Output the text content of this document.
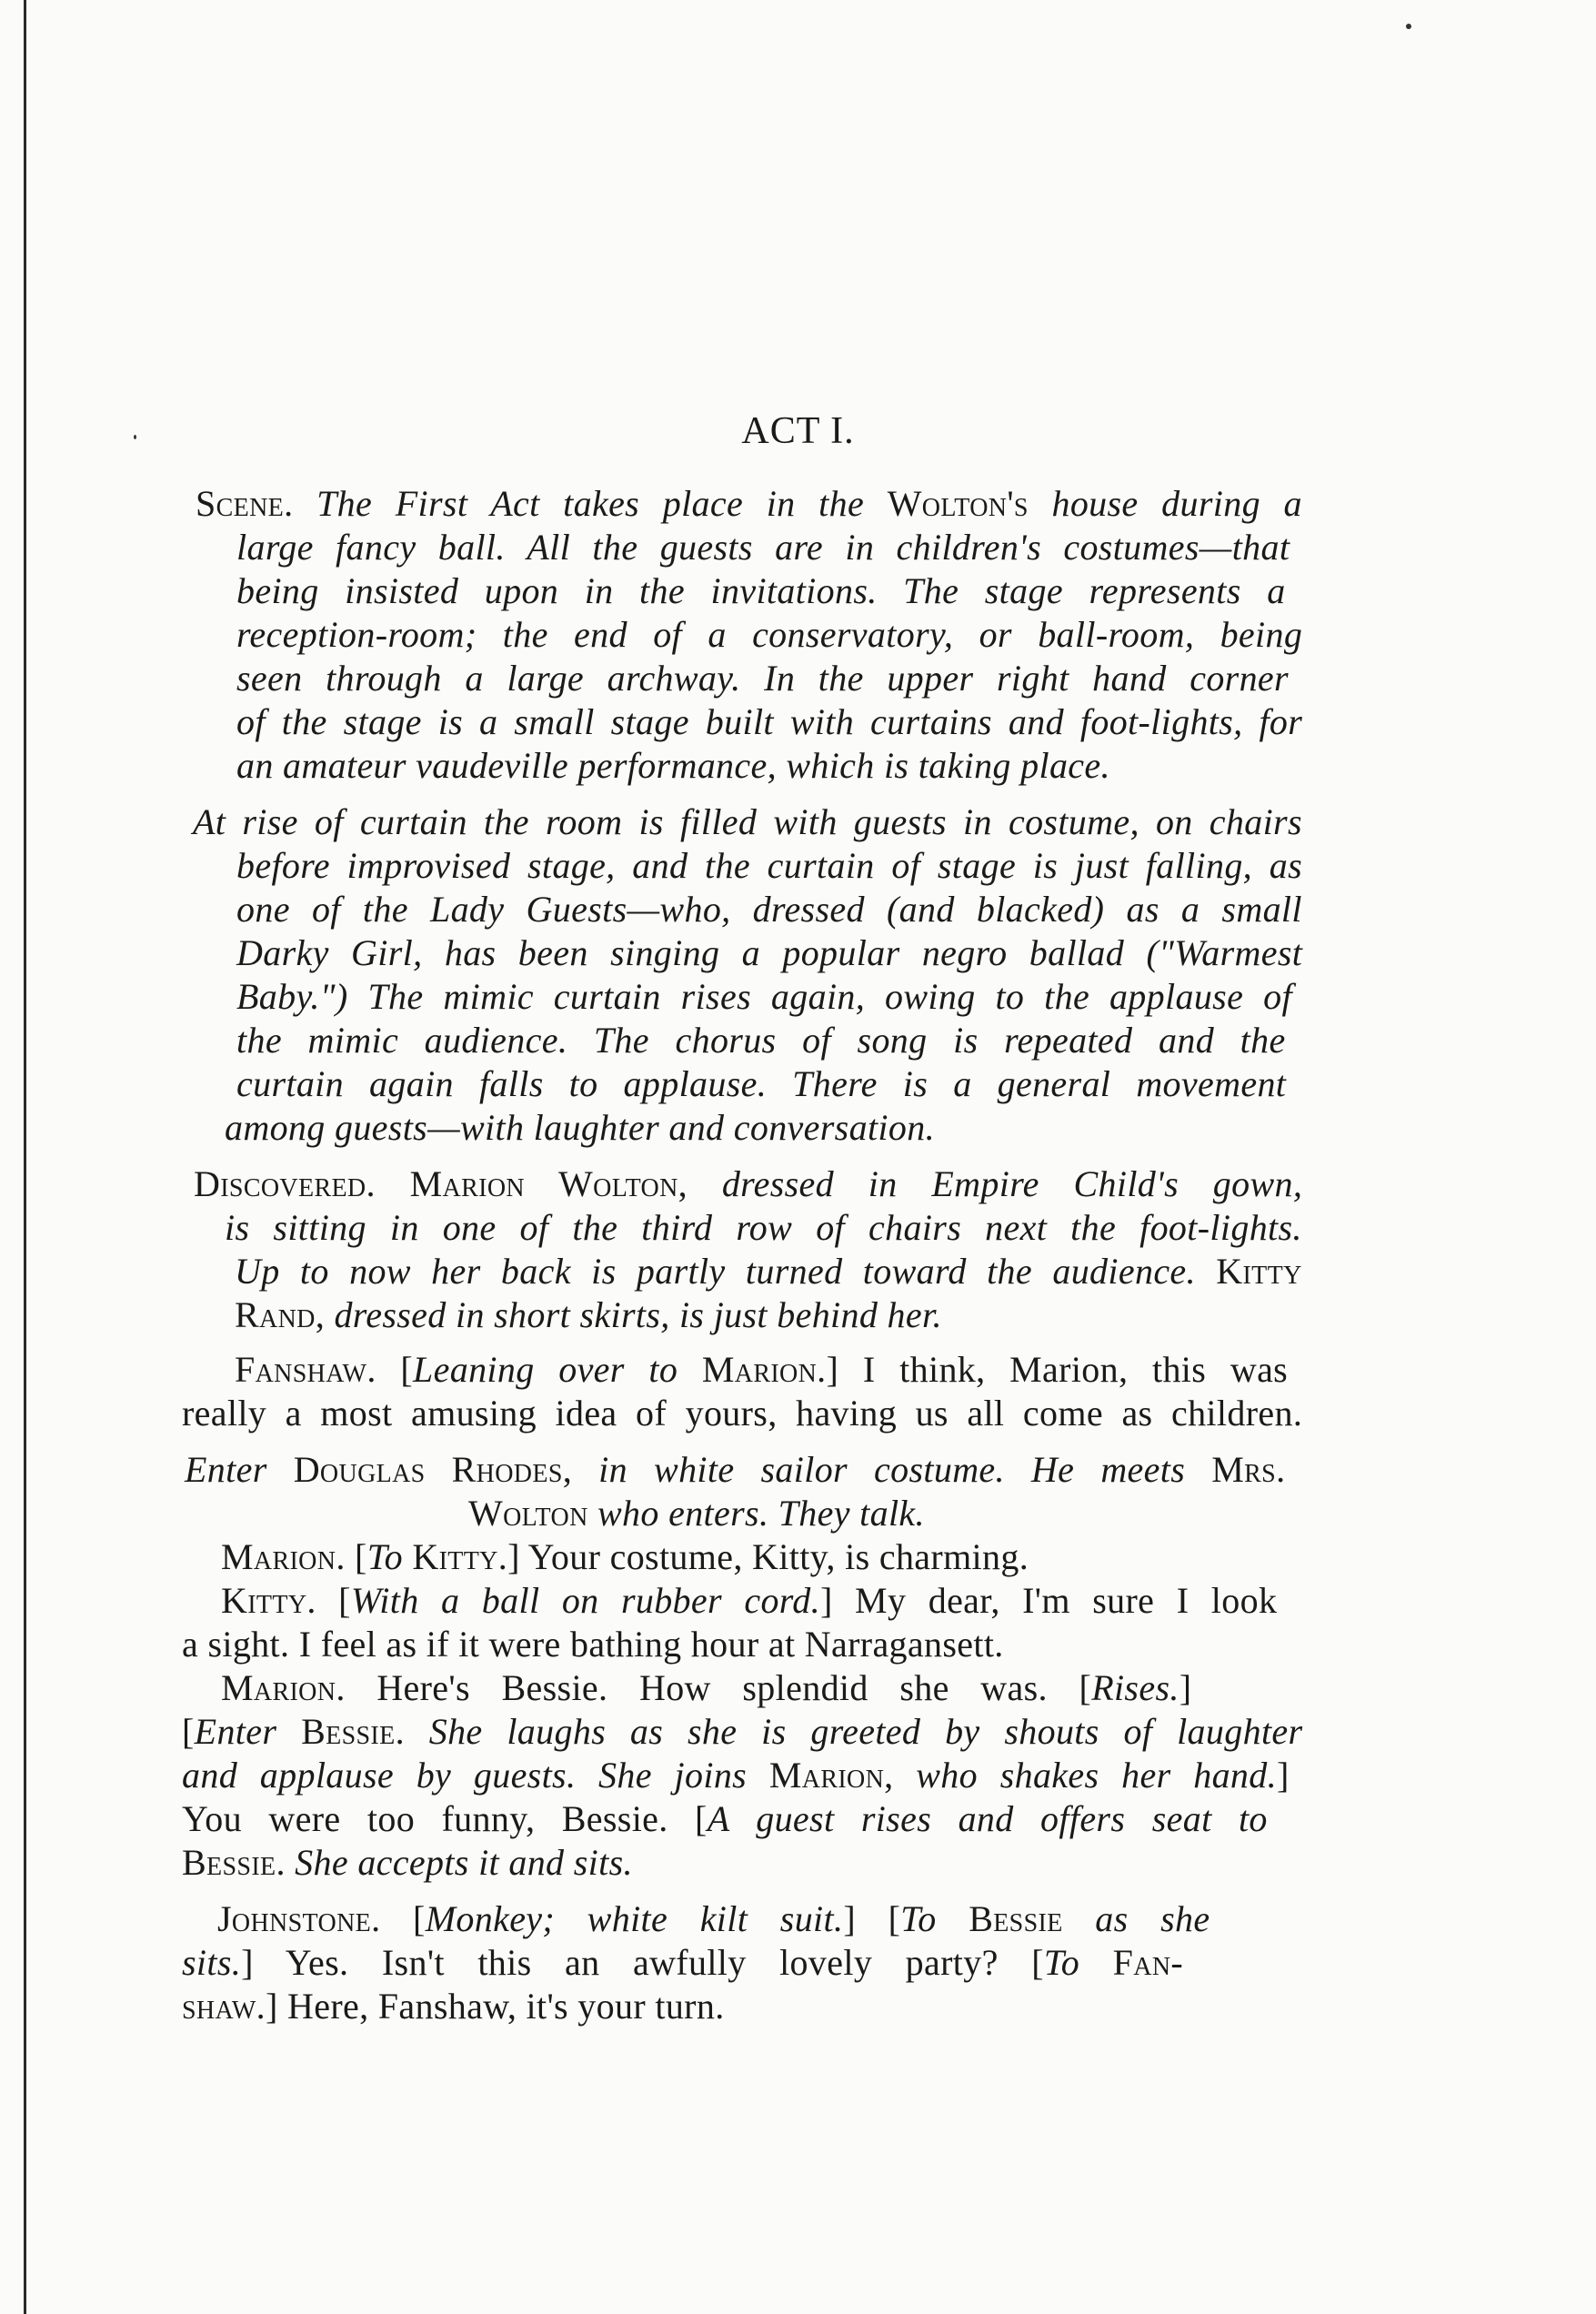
ACT I.
Scene. The First Act takes place in the Wolton's house during a
large fancy ball. All the guests are in children's costumes—that
being insisted upon in the invitations. The stage represents a
reception-room; the end of a conservatory, or ball-room, being
seen through a large archway. In the upper right hand corner
of the stage is a small stage built with curtains and foot-lights, for
an amateur vaudeville performance, which is taking place.
At rise of curtain the room is filled with guests in costume, on chairs
before improvised stage, and the curtain of stage is just falling, as
one of the Lady Guests—who, dressed (and blacked) as a small
Darky Girl, has been singing a popular negro ballad ("Warmest
Baby.") The mimic curtain rises again, owing to the applause of
the mimic audience. The chorus of song is repeated and the
curtain again falls to applause. There is a general movement
among guests—with laughter and conversation.
Discovered. Marion Wolton, dressed in Empire Child's gown,
is sitting in one of the third row of chairs next the foot-lights.
Up to now her back is partly turned toward the audience. Kitty
Rand, dressed in short skirts, is just behind her.
Fanshaw. [Leaning over to Marion.] I think, Marion, this was
really a most amusing idea of yours, having us all come as children.
Enter Douglas Rhodes, in white sailor costume. He meets Mrs.
Wolton who enters. They talk.
Marion. [To Kitty.] Your costume, Kitty, is charming.
Kitty. [With a ball on rubber cord.] My dear, I'm sure I look
a sight. I feel as if it were bathing hour at Narragansett.
Marion. Here's Bessie. How splendid she was. [Rises.]
[Enter Bessie. She laughs as she is greeted by shouts of laughter
and applause by guests. She joins Marion, who shakes her hand.]
You were too funny, Bessie. [A guest rises and offers seat to
Bessie. She accepts it and sits.
Johnstone. [Monkey; white kilt suit.] [To Bessie as she
sits.] Yes. Isn't this an awfully lovely party? [To Fan-
shaw.] Here, Fanshaw, it's your turn.
